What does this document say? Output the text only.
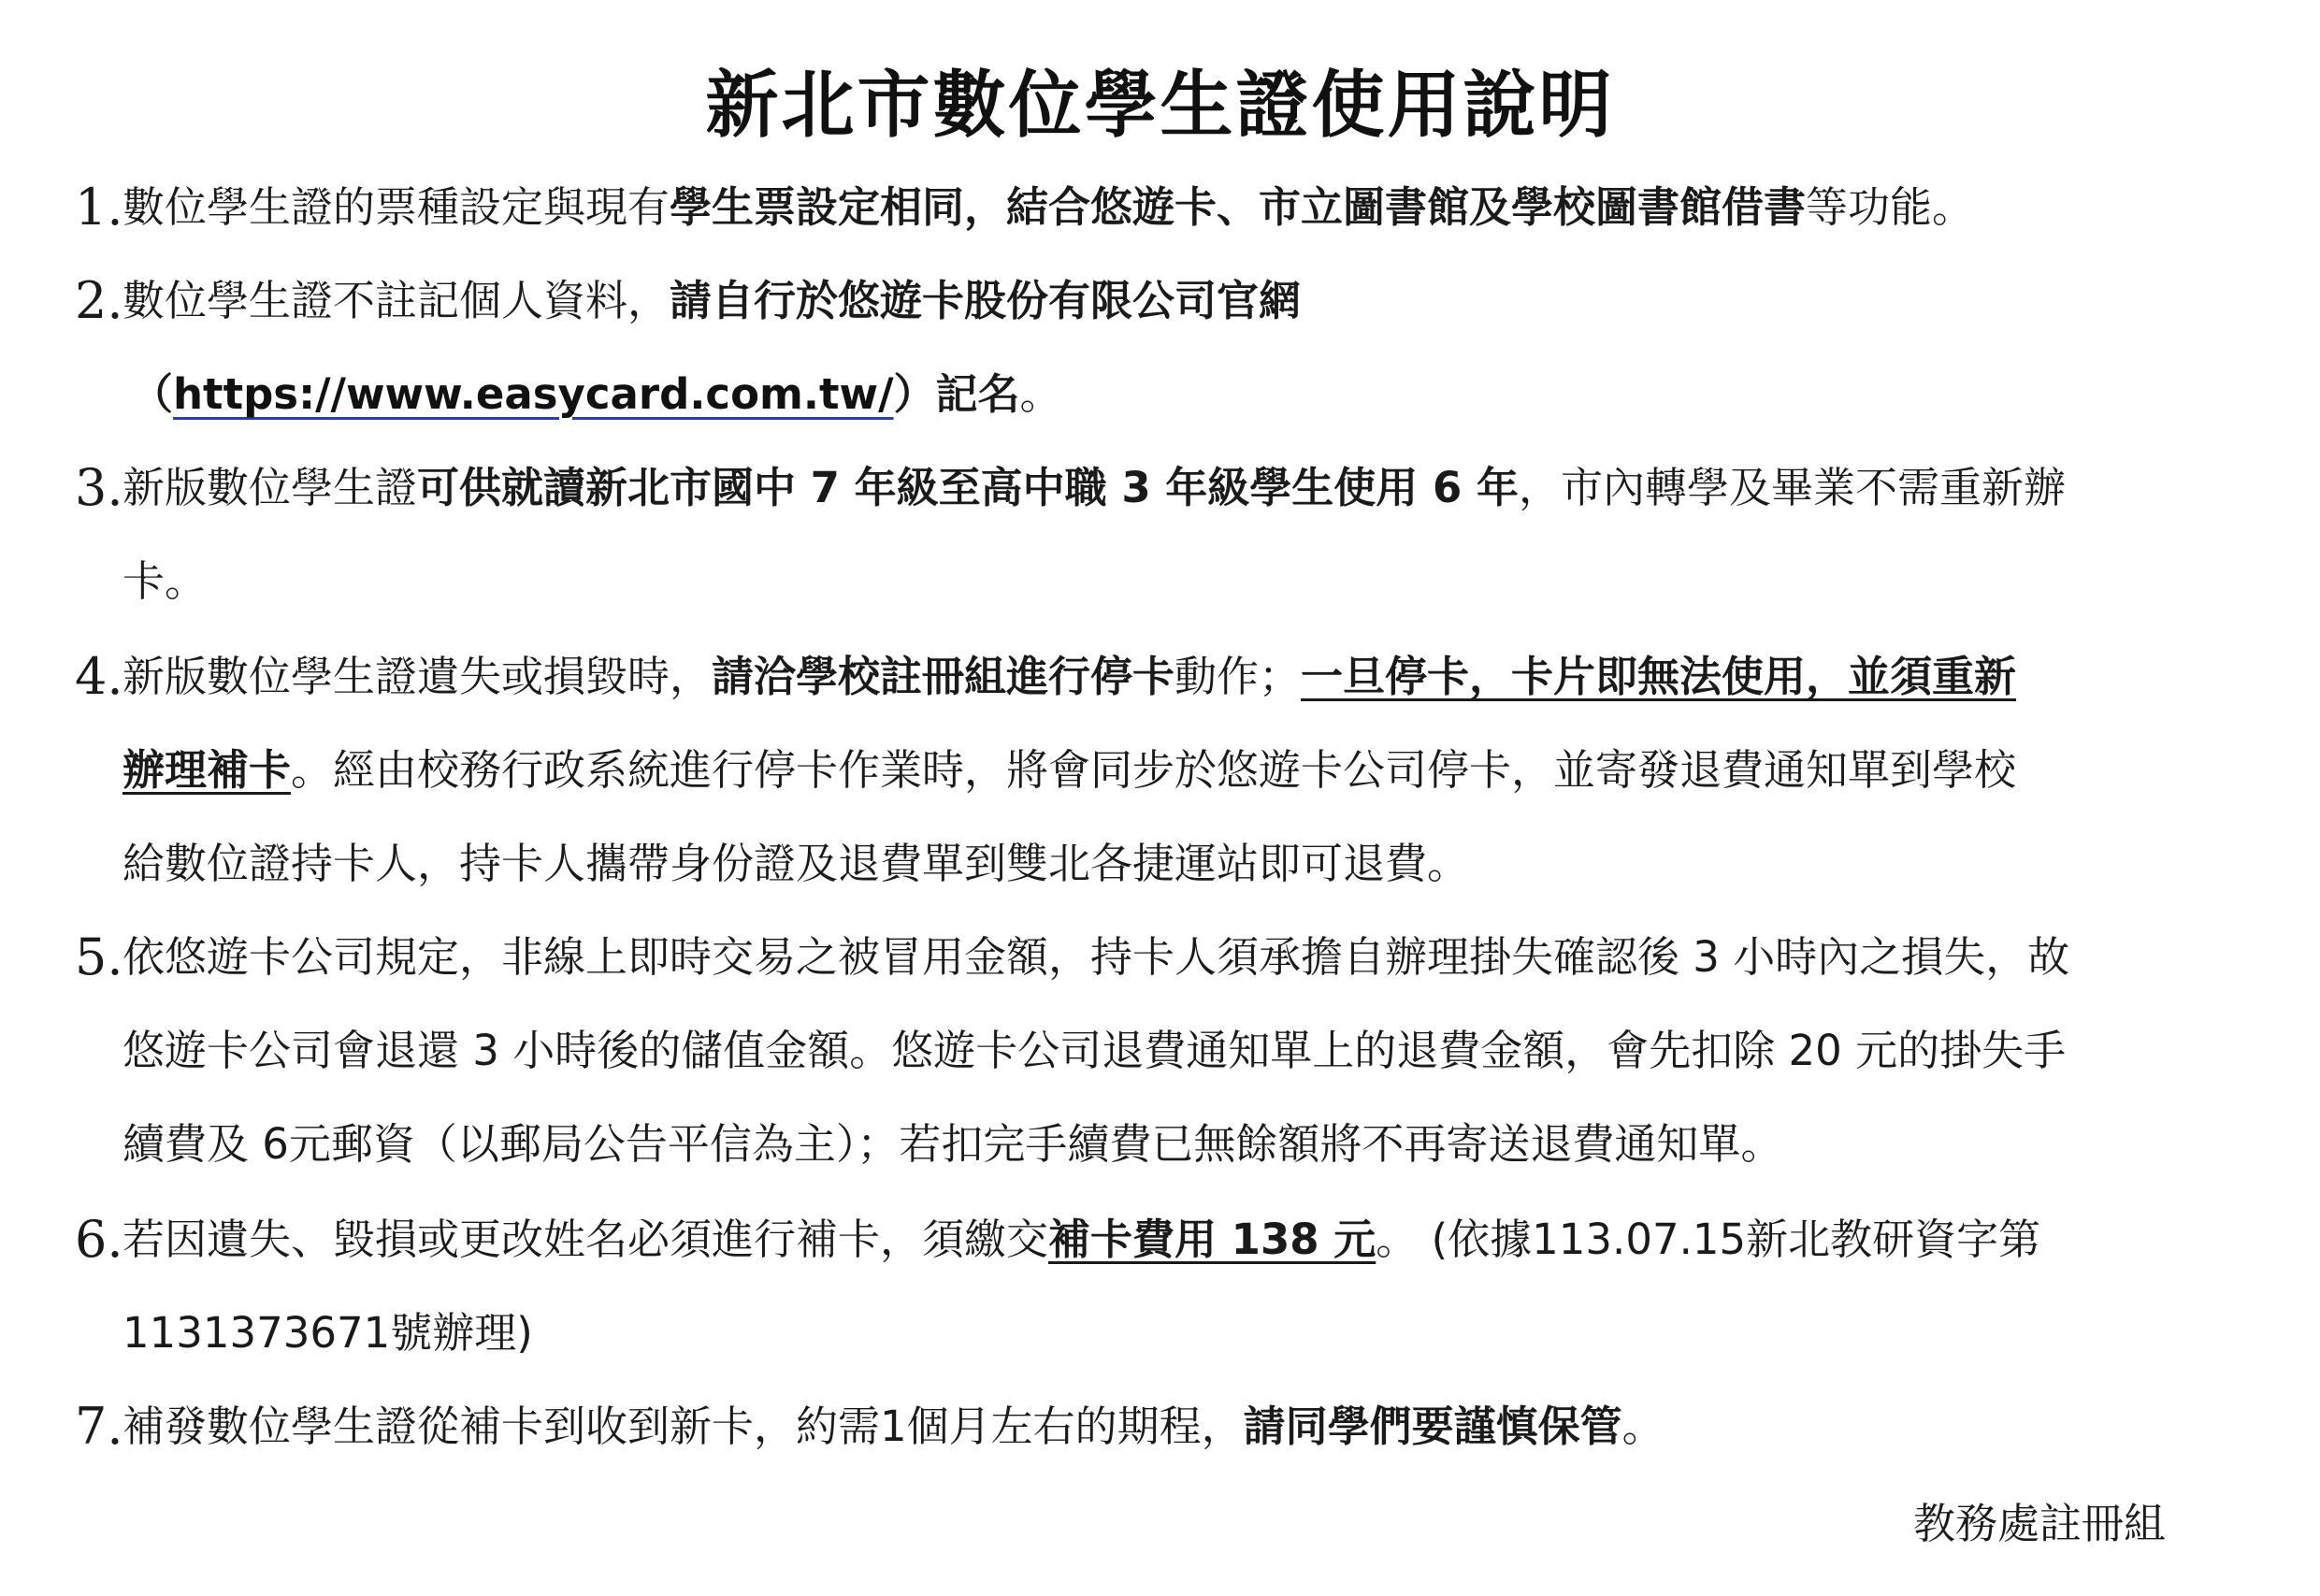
新北市數位學生證使用說明
1. 數位學生證的票種設定與現有學生票設定相同，結合悠遊卡、市立圖書館及學校圖書館借書等功能。
2. 數位學生證不註記個人資料，請自行於悠遊卡股份有限公司官網
（https://www.easycard.com.tw/）記名。
3. 新版數位學生證可供就讀新北市國中 7 年級至高中職 3 年級學生使用 6 年，市內轉學及畢業不需重新辦
卡。
4. 新版數位學生證遺失或損毀時，請洽學校註冊組進行停卡動作；一旦停卡，卡片即無法使用，並須重新
辦理補卡。經由校務行政系統進行停卡作業時，將會同步於悠遊卡公司停卡，並寄發退費通知單到學校
給數位證持卡人，持卡人攜帶身份證及退費單到雙北各捷運站即可退費。
5. 依悠遊卡公司規定，非線上即時交易之被冒用金額，持卡人須承擔自辦理掛失確認後 3 小時內之損失，故
悠遊卡公司會退還 3 小時後的儲值金額。悠遊卡公司退費通知單上的退費金額，會先扣除 20 元的掛失手
續費及 6元郵資（以郵局公告平信為主）；若扣完手續費已無餘額將不再寄送退費通知單。
6. 若因遺失、毀損或更改姓名必須進行補卡，須繳交補卡費用 138 元。 (依據113.07.15新北教研資字第
1131373671號辦理)
7. 補發數位學生證從補卡到收到新卡，約需1個月左右的期程，請同學們要謹慎保管。
教務處註冊組
